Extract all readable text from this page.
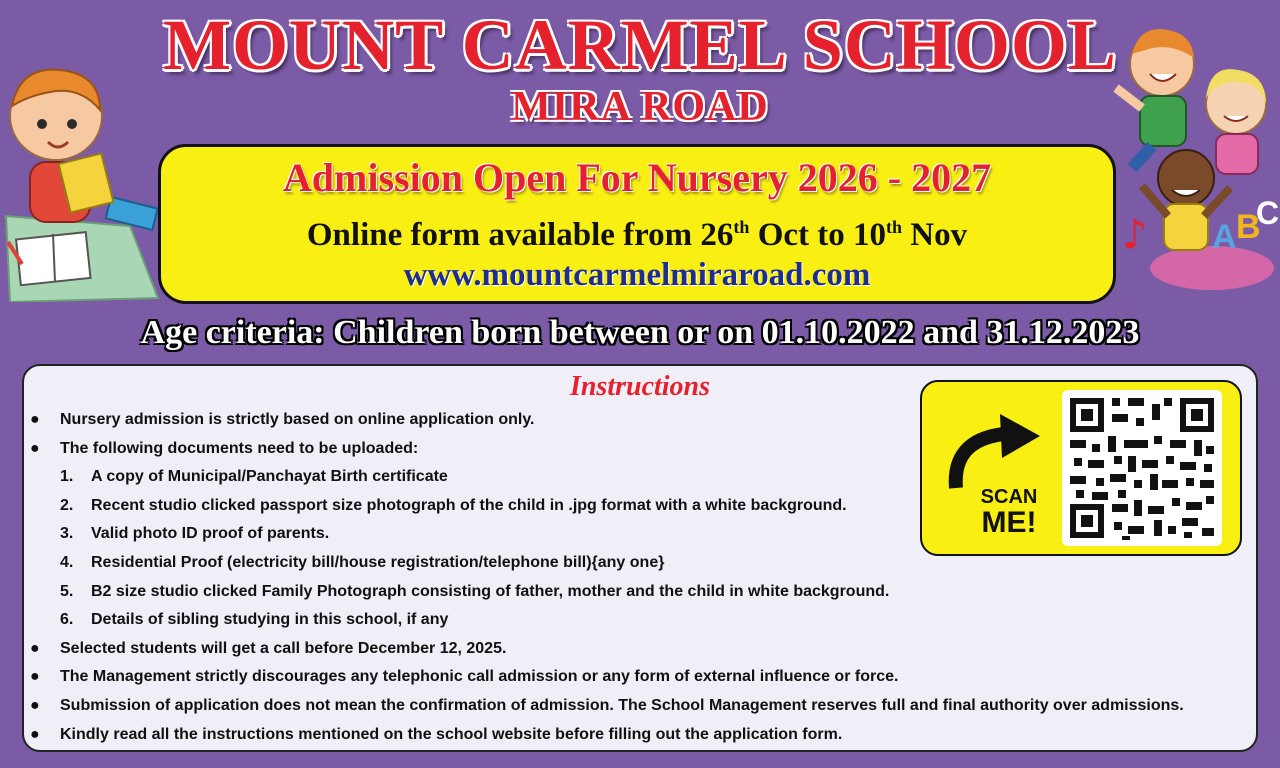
A B
C
♪
MOUNT CARMEL SCHOOL
MIRA ROAD
Admission Open For Nursery 2026 - 2027
Online form available from 26th Oct to 10th Nov
www.mountcarmelmiraroad.com
Age criteria: Children born between or on 01.10.2022 and 31.12.2023
Instructions
● Nursery admission is strictly based on online application only.
● The following documents need to be uploaded:
1. A copy of Municipal/Panchayat Birth certificate
2. Recent studio clicked passport size photograph of the child in .jpg format with a white background.
3. Valid photo ID proof of parents.
4. Residential Proof (electricity bill/house registration/telephone bill){any one}
5. B2 size studio clicked Family Photograph consisting of father, mother and the child in white background.
6. Details of sibling studying in this school, if any
● Selected students will get a call before December 12, 2025.
● The Management strictly discourages any telephonic call admission or any form of external influence or force.
● Submission of application does not mean the confirmation of admission. The School Management reserves full and final authority over admissions.
● Kindly read all the instructions mentioned on the school website before filling out the application form.
SCAN
ME!
